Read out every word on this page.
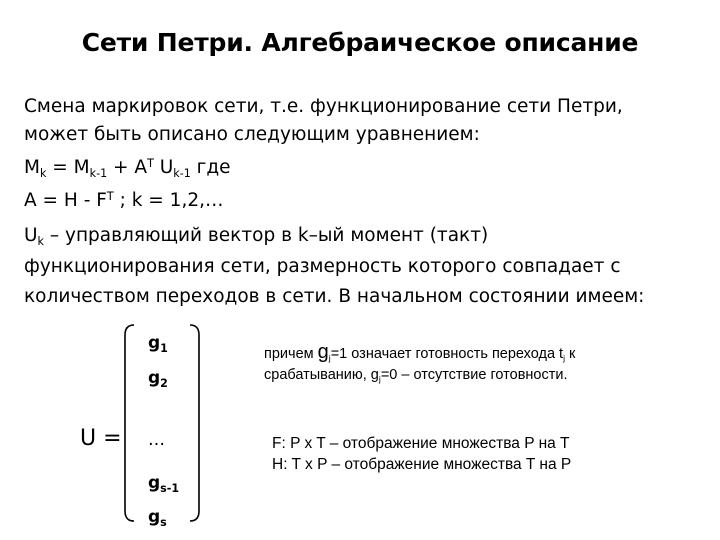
Сети Петри. Алгебраическое описание
Смена маркировок сети, т.е. функционирование сети Петри,
может быть описано следующим уравнением:
$M_k = M_{k-1} + A^T$ $U_{k-1}$ где
$A = H - F^T$ ; k = 1,2,…
$U_k$ – управляющий вектор в k–ый момент (такт)
функционирования сети, размерность которого совпадает с
количеством переходов в сети. В начальном состоянии имеем:
U =
$g_1$
$g_2$
…
$g_{s-1}$
$g_s$
причем $g_j=1$ означает готовность перехода $t_j$ к
срабатыванию, $g_j=0$ – отсутствие готовности.
F: P x T – отображение множества P на T
H: T x P – отображение множества T на P
